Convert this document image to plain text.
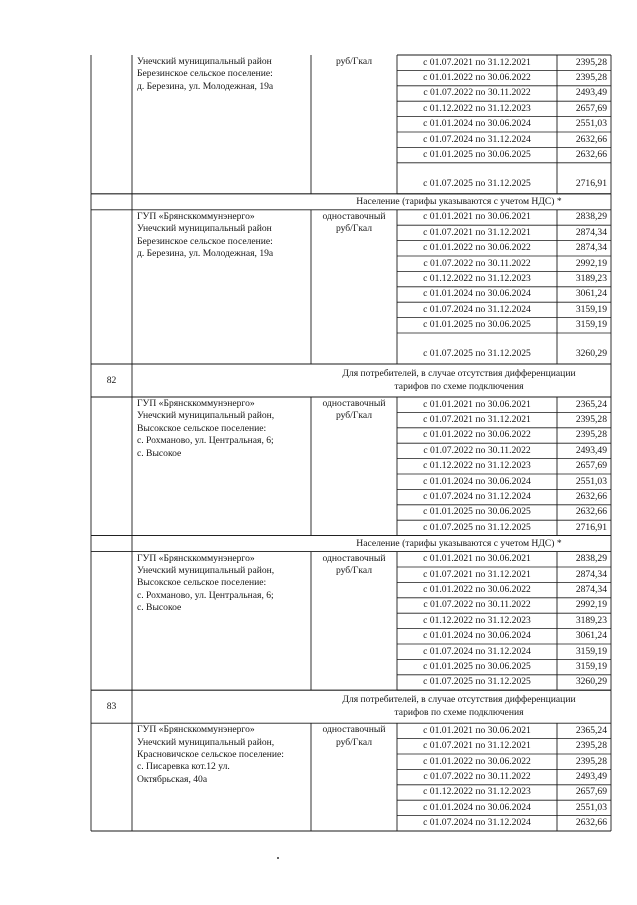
Унечский муниципальный район
Березинское сельское поселение:
д. Березина, ул. Молодежная, 19а
руб/Гкал	с 01.07.2021 по 31.12.2021	2395,28
с 01.01.2022 по 30.06.2022	2395,28
с 01.07.2022 по 30.11.2022	2493,49
с 01.12.2022 по 31.12.2023	2657,69
с 01.01.2024 по 30.06.2024	2551,03
с 01.07.2024 по 31.12.2024	2632,66
с 01.01.2025 по 30.06.2025	2632,66
с 01.07.2025 по 31.12.2025	2716,91
Население (тарифы указываются с учетом НДС) *
ГУП «Брянсккоммунэнерго»
Унечский муниципальный район
Березинское сельское поселение:
д. Березина, ул. Молодежная, 19а
одноставочный
руб/Гкал
с 01.01.2021 по 30.06.2021	2838,29
с 01.07.2021 по 31.12.2021	2874,34
с 01.01.2022 по 30.06.2022	2874,34
с 01.07.2022 по 30.11.2022	2992,19
с 01.12.2022 по 31.12.2023	3189,23
с 01.01.2024 по 30.06.2024	3061,24
с 01.07.2024 по 31.12.2024	3159,19
с 01.01.2025 по 30.06.2025	3159,19
с 01.07.2025 по 31.12.2025	3260,29
Для потребителей, в случае отсутствия дифференциации
тарифов по схеме подключения
82
ГУП «Брянсккоммунэнерго»
Унечский муниципальный район,
Высокское сельское поселение:
с. Рохманово, ул. Центральная, 6;
с. Высокое
одноставочный
руб/Гкал
с 01.01.2021 по 30.06.2021	2365,24
с 01.07.2021 по 31.12.2021	2395,28
с 01.01.2022 по 30.06.2022	2395,28
с 01.07.2022 по 30.11.2022	2493,49
с 01.12.2022 по 31.12.2023	2657,69
с 01.01.2024 по 30.06.2024	2551,03
с 01.07.2024 по 31.12.2024	2632,66
с 01.01.2025 по 30.06.2025	2632,66
с 01.07.2025 по 31.12.2025	2716,91
Население (тарифы указываются с учетом НДС) *
ГУП «Брянсккоммунэнерго»
Унечский муниципальный район,
Высокское сельское поселение:
с. Рохманово, ул. Центральная, 6;
с. Высокое
одноставочный
руб/Гкал
с 01.01.2021 по 30.06.2021	2838,29
с 01.07.2021 по 31.12.2021	2874,34
с 01.01.2022 по 30.06.2022	2874,34
с 01.07.2022 по 30.11.2022	2992,19
с 01.12.2022 по 31.12.2023	3189,23
с 01.01.2024 по 30.06.2024	3061,24
с 01.07.2024 по 31.12.2024	3159,19
с 01.01.2025 по 30.06.2025	3159,19
с 01.07.2025 по 31.12.2025	3260,29
Для потребителей, в случае отсутствия дифференциации
тарифов по схеме подключения
83
ГУП «Брянсккоммунэнерго»
Унечский муниципальный район,
Красновичское сельское поселение:
с. Писаревка кот.12 ул.
Октябрьская, 40а
одноставочный
руб/Гкал
с 01.01.2021 по 30.06.2021	2365,24
с 01.07.2021 по 31.12.2021	2395,28
с 01.01.2022 по 30.06.2022	2395,28
с 01.07.2022 по 30.11.2022	2493,49
с 01.12.2022 по 31.12.2023	2657,69
с 01.01.2024 по 30.06.2024	2551,03
с 01.07.2024 по 31.12.2024	2632,66
